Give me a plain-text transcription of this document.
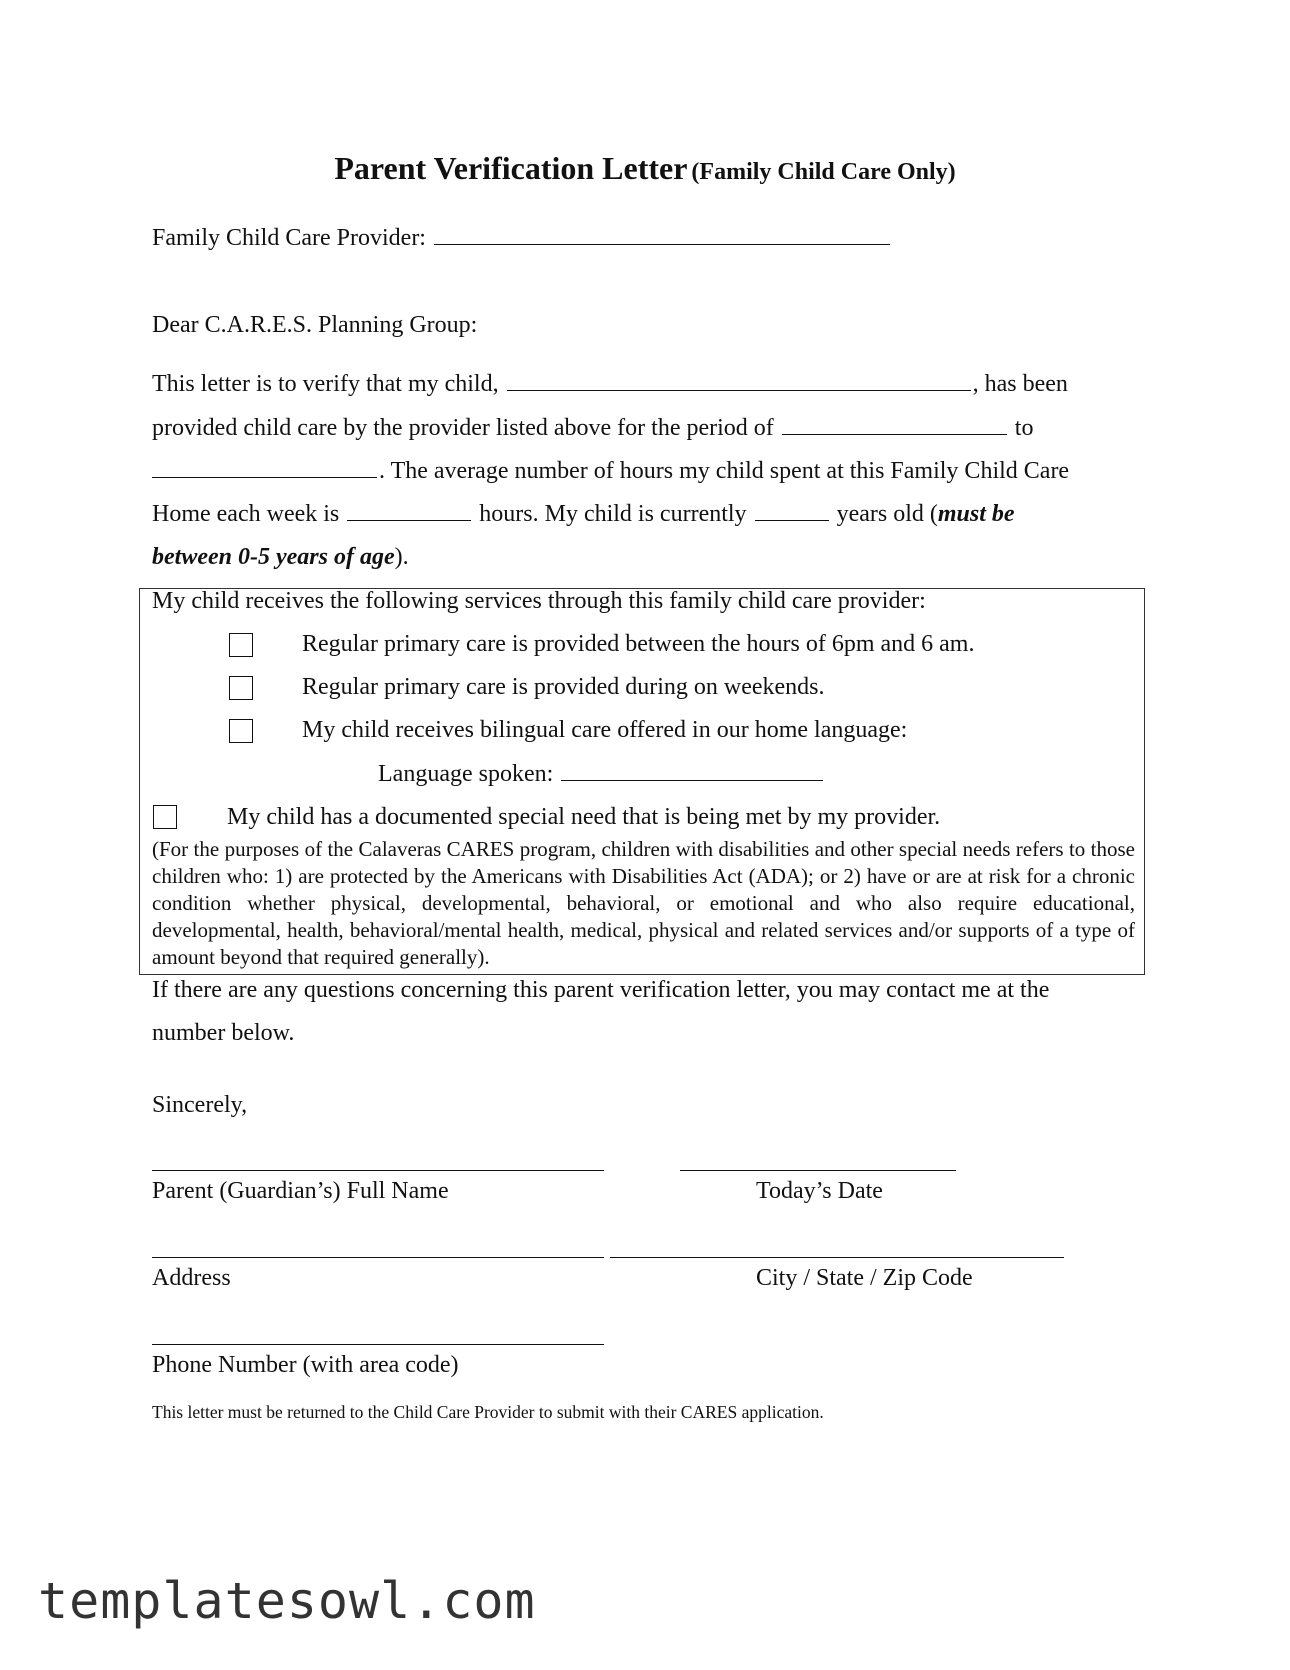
Parent Verification Letter (Family Child Care Only)
Family Child Care Provider:
Dear C.A.R.E.S. Planning Group:
This letter is to verify that my child,	, has been
provided child care by the provider listed above for the period of	to
. The average number of hours my child spent at this Family Child Care
Home each week is	hours. My child is currently	years old (must be
between 0-5 years of age).
My child receives the following services through this family child care provider:
Regular primary care is provided between the hours of 6pm and 6 am.
Regular primary care is provided during on weekends.
My child receives bilingual care offered in our home language:
Language spoken:
My child has a documented special need that is being met by my provider.
(For the purposes of the Calaveras CARES program, children with disabilities and other special needs refers to those children who: 1) are protected by the Americans with Disabilities Act (ADA); or 2) have or are at risk for a chronic condition whether physical, developmental, behavioral, or emotional and who also require educational, developmental, health, behavioral/mental health, medical, physical and related services and/or supports of a type of amount beyond that required generally).
If there are any questions concerning this parent verification letter, you may contact me at the
number below.
Sincerely,
Parent (Guardian’s) Full Name	Today’s Date
Address	City / State / Zip Code
Phone Number (with area code)
This letter must be returned to the Child Care Provider to submit with their CARES application.
templatesowl.com
